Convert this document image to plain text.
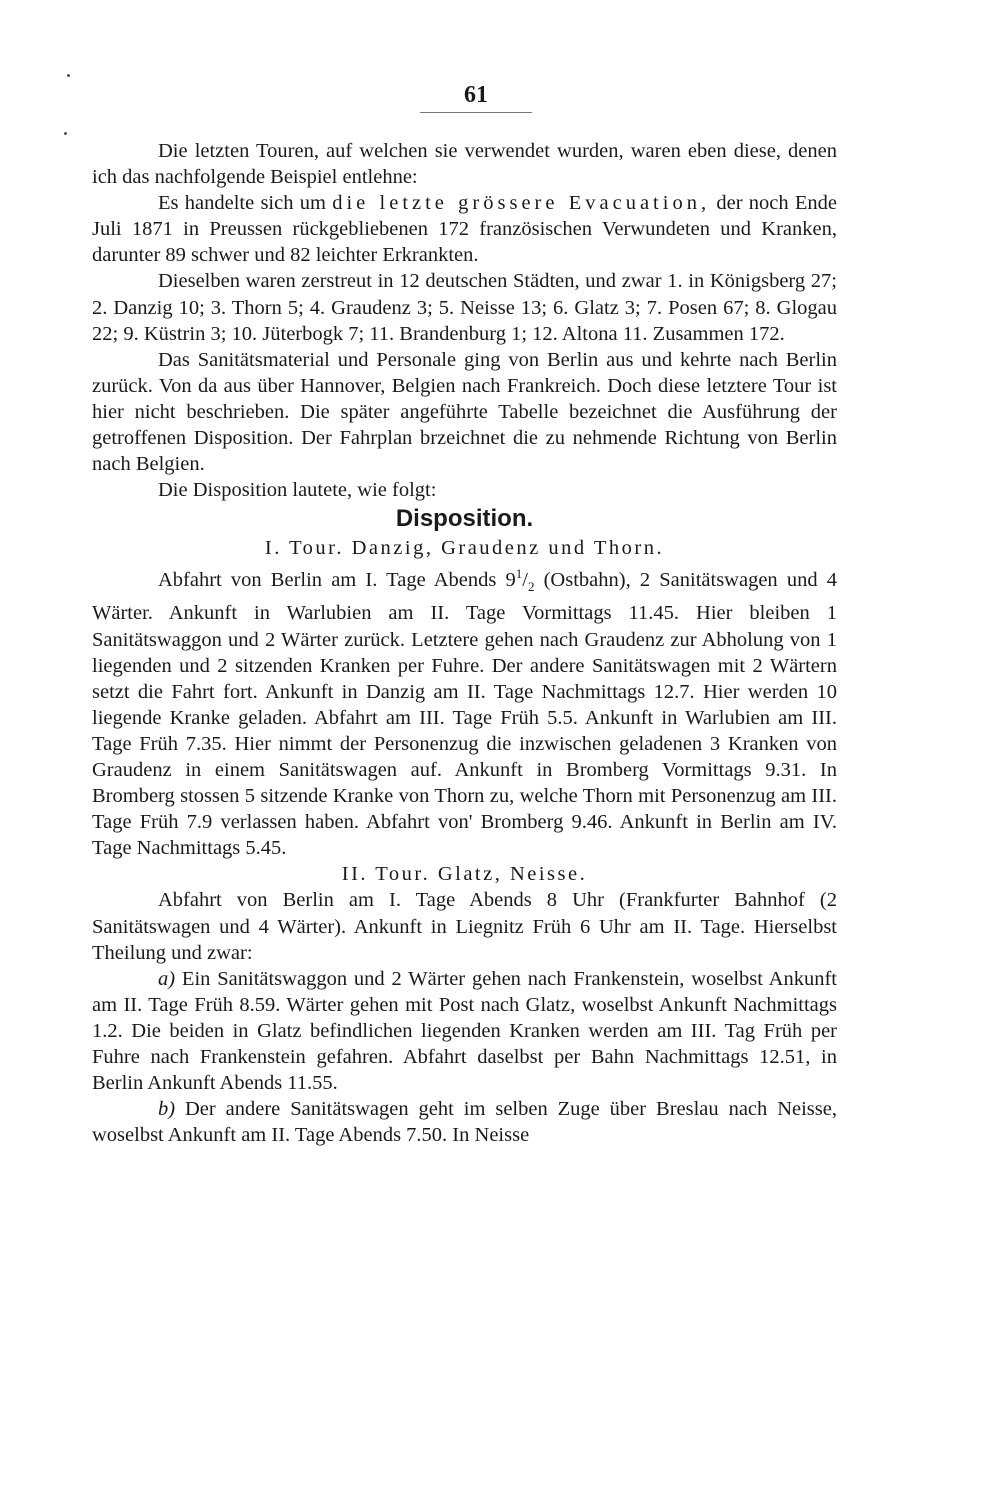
61

Die letzten Touren, auf welchen sie verwendet wurden, waren eben diese, denen ich das nachfolgende Beispiel entlehne:

Es handelte sich um die letzte grössere Evacuation, der noch Ende Juli 1871 in Preussen rückgebliebenen 172 französischen Verwundeten und Kranken, darunter 89 schwer und 82 leichter Erkrankten.

Dieselben waren zerstreut in 12 deutschen Städten, und zwar 1. in Königsberg 27; 2. Danzig 10; 3. Thorn 5; 4. Graudenz 3; 5. Neisse 13; 6. Glatz 3; 7. Posen 67; 8. Glogau 22; 9. Küstrin 3; 10. Jüterbogk 7; 11. Brandenburg 1; 12. Altona 11. Zusammen 172.

Das Sanitätsmaterial und Personale ging von Berlin aus und kehrte nach Berlin zurück. Von da aus über Hannover, Belgien nach Frankreich. Doch diese letztere Tour ist hier nicht beschrieben. Die später angeführte Tabelle bezeichnet die Ausführung der getroffenen Disposition. Der Fahrplan brzeichnet die zu nehmende Richtung von Berlin nach Belgien.

Die Disposition lautete, wie folgt:

Disposition.

I. Tour. Danzig, Graudenz und Thorn.

Abfahrt von Berlin am I. Tage Abends $9^1/_2$ (Ostbahn), 2 Sanitätswagen und 4 Wärter. Ankunft in Warlubien am II. Tage Vormittags 11.45. Hier bleiben 1 Sanitätswaggon und 2 Wärter zurück. Letztere gehen nach Graudenz zur Abholung von 1 liegenden und 2 sitzenden Kranken per Fuhre. Der andere Sanitätswagen mit 2 Wärtern setzt die Fahrt fort. Ankunft in Danzig am II. Tage Nachmittags 12.7. Hier werden 10 liegende Kranke geladen. Abfahrt am III. Tage Früh 5.5. Ankunft in Warlubien am III. Tage Früh 7.35. Hier nimmt der Personenzug die inzwischen geladenen 3 Kranken von Graudenz in einem Sanitätswagen auf. Ankunft in Bromberg Vormittags 9.31. In Bromberg stossen 5 sitzende Kranke von Thorn zu, welche Thorn mit Personenzug am III. Tage Früh 7.9 verlassen haben. Abfahrt von' Bromberg 9.46. Ankunft in Berlin am IV. Tage Nachmittags 5.45.

II. Tour. Glatz, Neisse.

Abfahrt von Berlin am I. Tage Abends 8 Uhr (Frankfurter Bahnhof (2 Sanitätswagen und 4 Wärter). Ankunft in Liegnitz Früh 6 Uhr am II. Tage. Hierselbst Theilung und zwar:

a) Ein Sanitätswaggon und 2 Wärter gehen nach Frankenstein, woselbst Ankunft am II. Tage Früh 8.59. Wärter gehen mit Post nach Glatz, woselbst Ankunft Nachmittags 1.2. Die beiden in Glatz befindlichen liegenden Kranken werden am III. Tag Früh per Fuhre nach Frankenstein gefahren. Abfahrt daselbst per Bahn Nachmittags 12.51, in Berlin Ankunft Abends 11.55.

b) Der andere Sanitätswagen geht im selben Zuge über Breslau nach Neisse, woselbst Ankunft am II. Tage Abends 7.50. In Neisse
